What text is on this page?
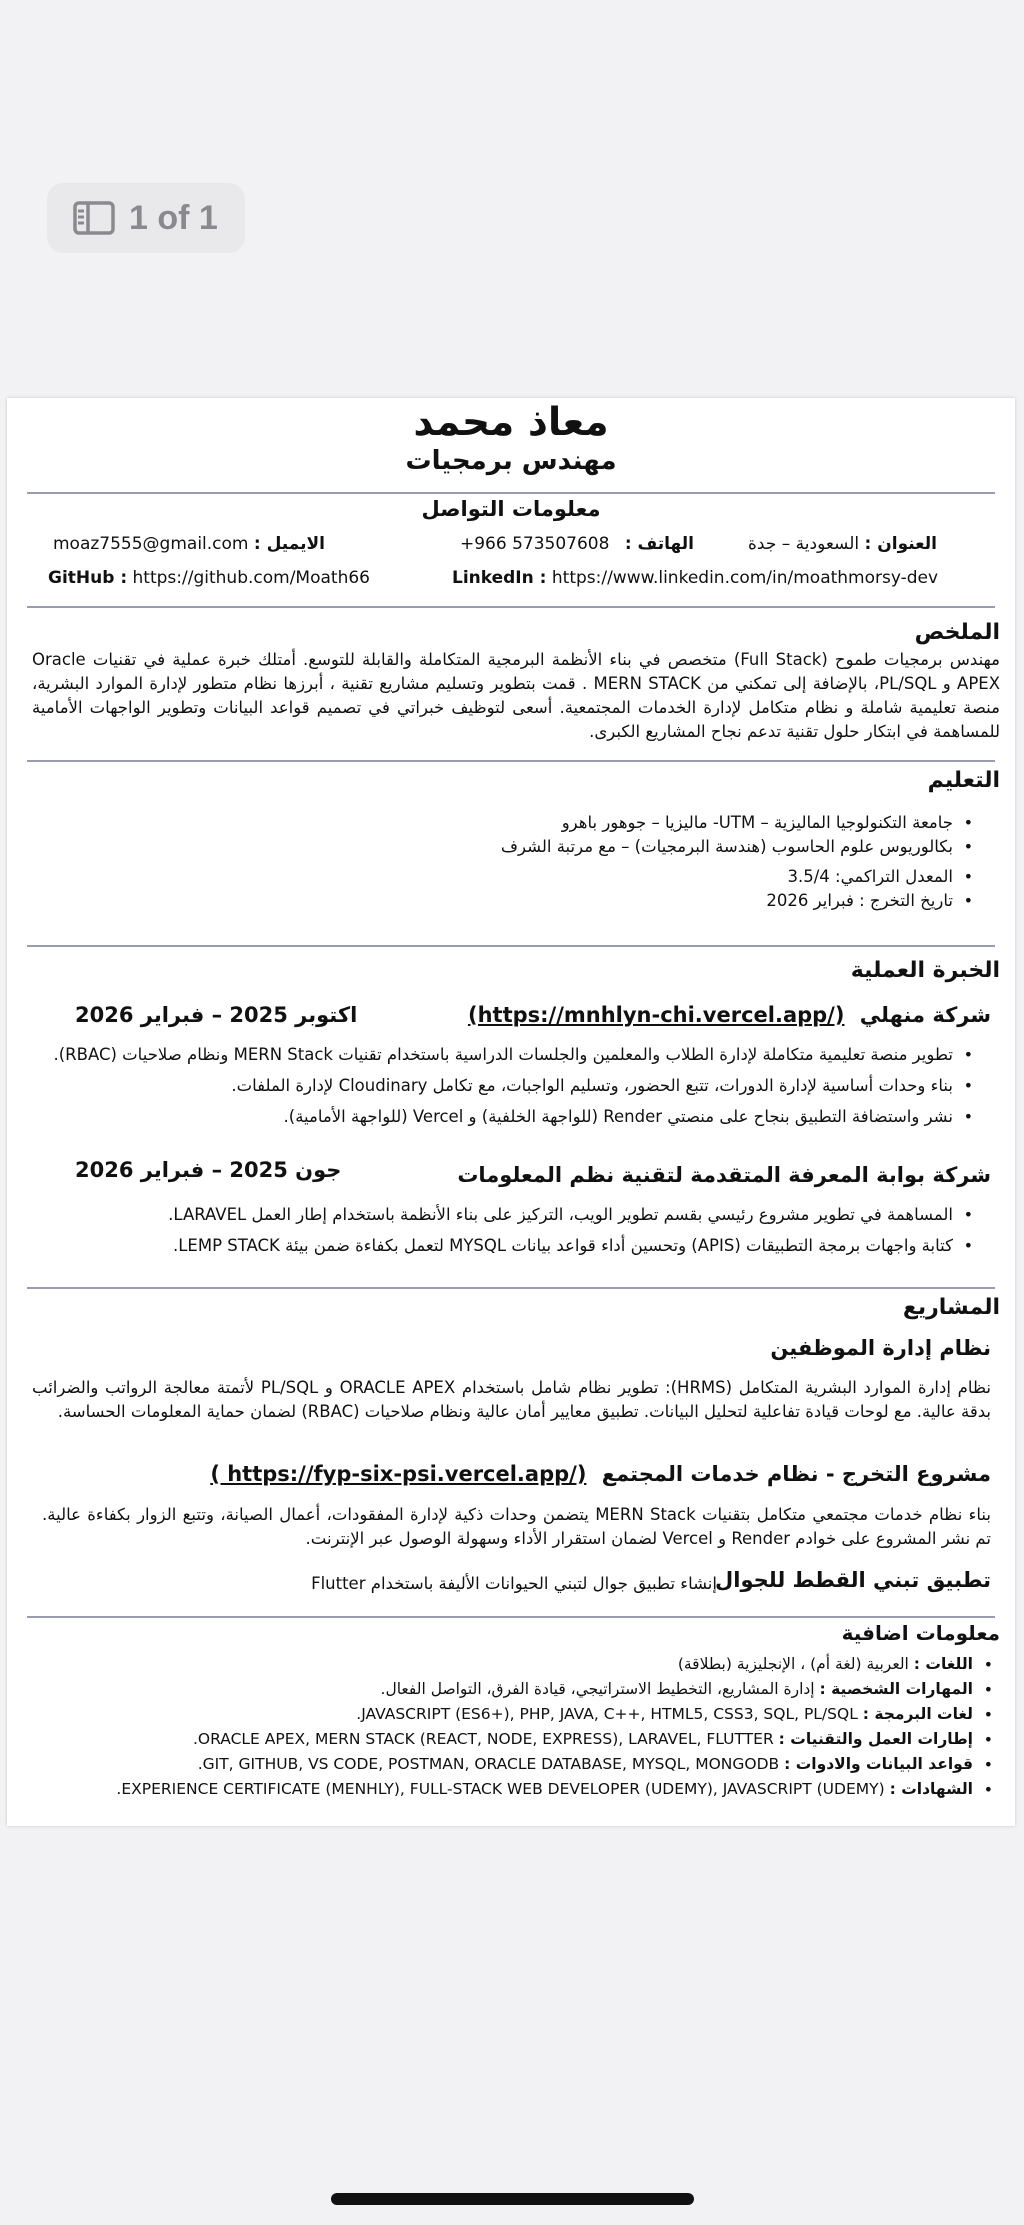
1 of 1
معاذ محمد
مهندس برمجيات
معلومات التواصل
العنوان : السعودية – جدة
الهاتف : +966 573507608
الايميل : moaz7555@gmail.com
LinkedIn : https://www.linkedin.com/in/moathmorsy-dev
GitHub : https://github.com/Moath66
الملخص
مهندس برمجيات طموح (Full Stack) متخصص في بناء الأنظمة البرمجية المتكاملة والقابلة للتوسع. أمتلك خبرة عملية في تقنيات Oracle APEX و PL/SQL، بالإضافة إلى تمكني من MERN STACK . قمت بتطوير وتسليم مشاريع تقنية ، أبرزها نظام متطور لإدارة الموارد البشرية، منصة تعليمية شاملة و نظام متكامل لإدارة الخدمات المجتمعية. أسعى لتوظيف خبراتي في تصميم قواعد البيانات وتطوير الواجهات الأمامية للمساهمة في ابتكار حلول تقنية تدعم نجاح المشاريع الكبرى.
التعليم
• جامعة التكنولوجيا الماليزية – UTM- ماليزيا – جوهور باهرو
• بكالوريوس علوم الحاسوب (هندسة البرمجيات) – مع مرتبة الشرف
• المعدل التراكمي: 3.5/4
• تاريخ التخرج : فبراير 2026
الخبرة العملية
شركة منهلي (https://mnhlyn-chi.vercel.app/)
اكتوبر 2025 – فبراير 2026
• تطوير منصة تعليمية متكاملة لإدارة الطلاب والمعلمين والجلسات الدراسية باستخدام تقنيات MERN Stack ونظام صلاحيات (RBAC).
• بناء وحدات أساسية لإدارة الدورات، تتبع الحضور، وتسليم الواجبات، مع تكامل Cloudinary لإدارة الملفات.
• نشر واستضافة التطبيق بنجاح على منصتي Render (للواجهة الخلفية) و Vercel (للواجهة الأمامية).
شركة بوابة المعرفة المتقدمة لتقنية نظم المعلومات
جون 2025 – فبراير 2026
• المساهمة في تطوير مشروع رئيسي بقسم تطوير الويب، التركيز على بناء الأنظمة باستخدام إطار العمل LARAVEL.
• كتابة واجهات برمجة التطبيقات (APIS) وتحسين أداء قواعد بيانات MYSQL لتعمل بكفاءة ضمن بيئة LEMP STACK.
المشاريع
نظام إدارة الموظفين
نظام إدارة الموارد البشرية المتكامل (HRMS): تطوير نظام شامل باستخدام ORACLE APEX و PL/SQL لأتمتة معالجة الرواتب والضرائب بدقة عالية. مع لوحات قيادة تفاعلية لتحليل البيانات. تطبيق معايير أمان عالية ونظام صلاحيات (RBAC) لضمان حماية المعلومات الحساسة.
مشروع التخرج - نظام خدمات المجتمع ( https://fyp-six-psi.vercel.app/)
بناء نظام خدمات مجتمعي متكامل بتقنيات MERN Stack يتضمن وحدات ذكية لإدارة المفقودات، أعمال الصيانة، وتتبع الزوار بكفاءة عالية. تم نشر المشروع على خوادم Render و Vercel لضمان استقرار الأداء وسهولة الوصول عبر الإنترنت.
تطبيق تبني القطط للجوال
إنشاء تطبيق جوال لتبني الحيوانات الأليفة باستخدام Flutter
معلومات اضافية
• اللغات : العربية (لغة أم) ، الإنجليزية (بطلاقة)
• المهارات الشخصية : إدارة المشاريع، التخطيط الاستراتيجي، قيادة الفرق، التواصل الفعال.
• لغات البرمجة : JAVASCRIPT (ES6+), PHP, JAVA, C++, HTML5, CSS3, SQL, PL/SQL.
• إطارات العمل والتقنيات : ORACLE APEX, MERN STACK (REACT, NODE, EXPRESS), LARAVEL, FLUTTER.
• قواعد البيانات والادوات : GIT, GITHUB, VS CODE, POSTMAN, ORACLE DATABASE, MYSQL, MONGODB.
• الشهادات : EXPERIENCE CERTIFICATE (MENHLY), FULL-STACK WEB DEVELOPER (UDEMY), JAVASCRIPT (UDEMY).
